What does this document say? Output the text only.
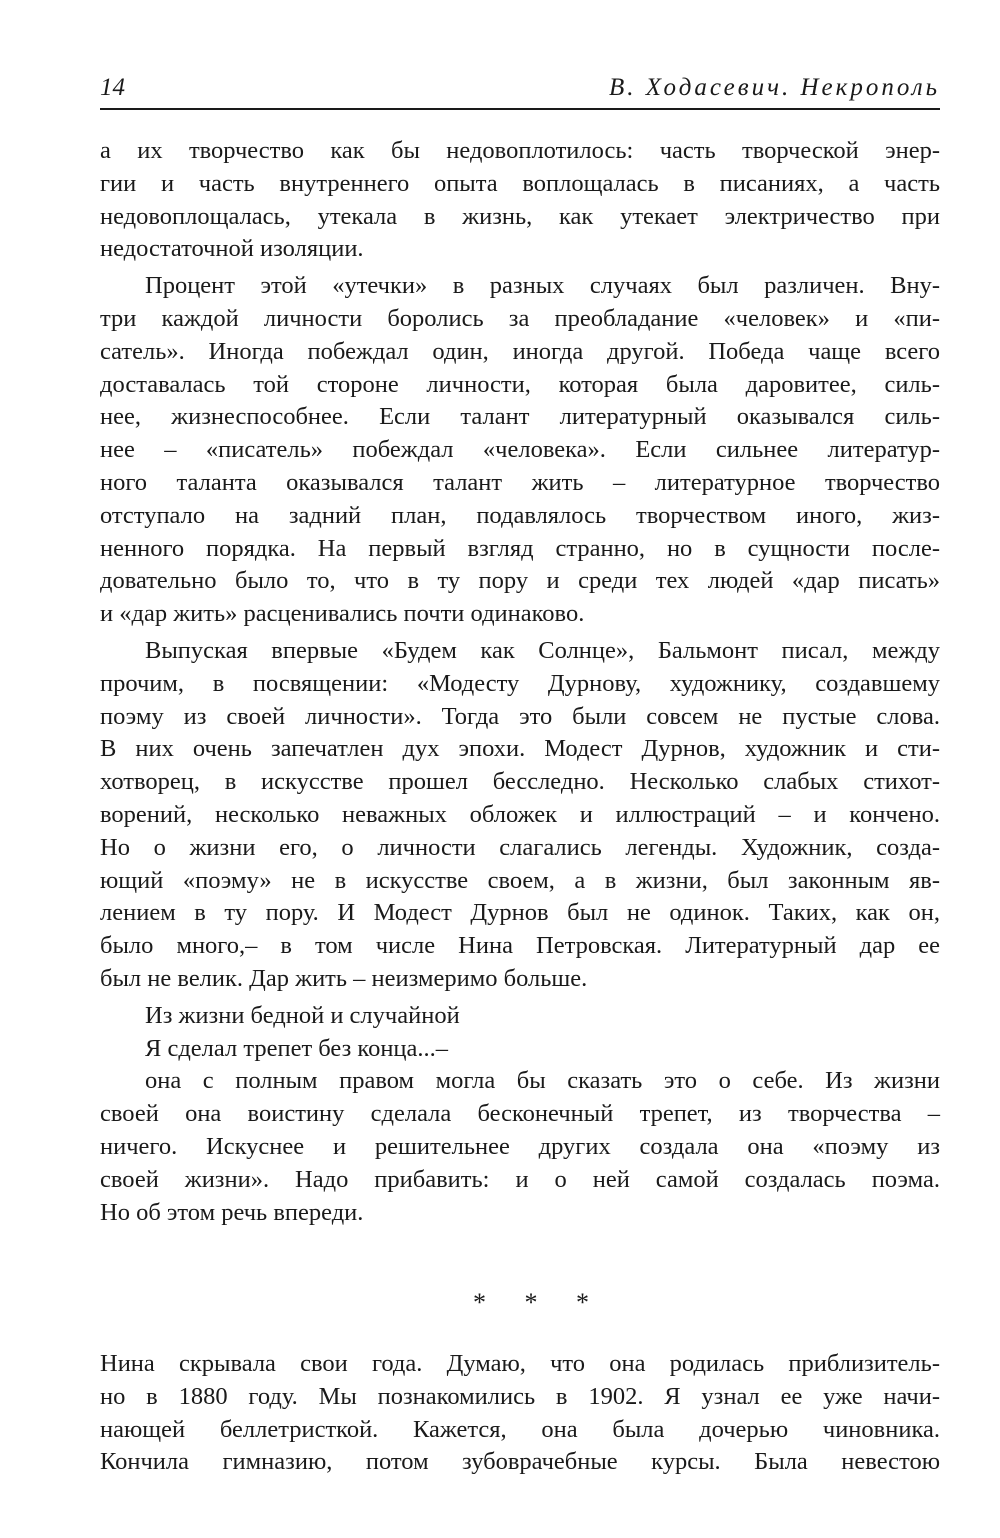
14	В. Ходасевич. Некрополь
а их творчество как бы недовоплотилось: часть творческой энер-
гии и часть внутреннего опыта воплощалась в писаниях, а часть
недовоплощалась, утекала в жизнь, как утекает электричество при
недостаточной изоляции.
Процент этой «утечки» в разных случаях был различен. Вну-
три каждой личности боролись за преобладание «человек» и «пи-
сатель». Иногда побеждал один, иногда другой. Победа чаще всего
доставалась той стороне личности, которая была даровитее, силь-
нее, жизнеспособнее. Если талант литературный оказывался силь-
нее – «писатель» побеждал «человека». Если сильнее литератур-
ного таланта оказывался талант жить – литературное творчество
отступало на задний план, подавлялось творчеством иного, жиз-
ненного порядка. На первый взгляд странно, но в сущности после-
довательно было то, что в ту пору и среди тех людей «дар писать»
и «дар жить» расценивались почти одинаково.
Выпуская впервые «Будем как Солнце», Бальмонт писал, между
прочим, в посвящении: «Модесту Дурнову, художнику, создавшему
поэму из своей личности». Тогда это были совсем не пустые слова.
В них очень запечатлен дух эпохи. Модест Дурнов, художник и сти-
хотворец, в искусстве прошел бесследно. Несколько слабых стихот-
ворений, несколько неважных обложек и иллюстраций – и кончено.
Но о жизни его, о личности слагались легенды. Художник, созда-
ющий «поэму» не в искусстве своем, а в жизни, был законным яв-
лением в ту пору. И Модест Дурнов был не одинок. Таких, как он,
было много,– в том числе Нина Петровская. Литературный дар ее
был не велик. Дар жить – неизмеримо больше.
Из жизни бедной и случайной
Я сделал трепет без конца...–
она с полным правом могла бы сказать это о себе. Из жизни
своей она воистину сделала бесконечный трепет, из творчества –
ничего. Искуснее и решительнее других создала она «поэму из
своей жизни». Надо прибавить: и о ней самой создалась поэма.
Но об этом речь впереди.
* * *
Нина скрывала свои года. Думаю, что она родилась приблизитель-
но в 1880 году. Мы познакомились в 1902. Я узнал ее уже начи-
нающей беллетристкой. Кажется, она была дочерью чиновника.
Кончила гимназию, потом зубоврачебные курсы. Была невестою
